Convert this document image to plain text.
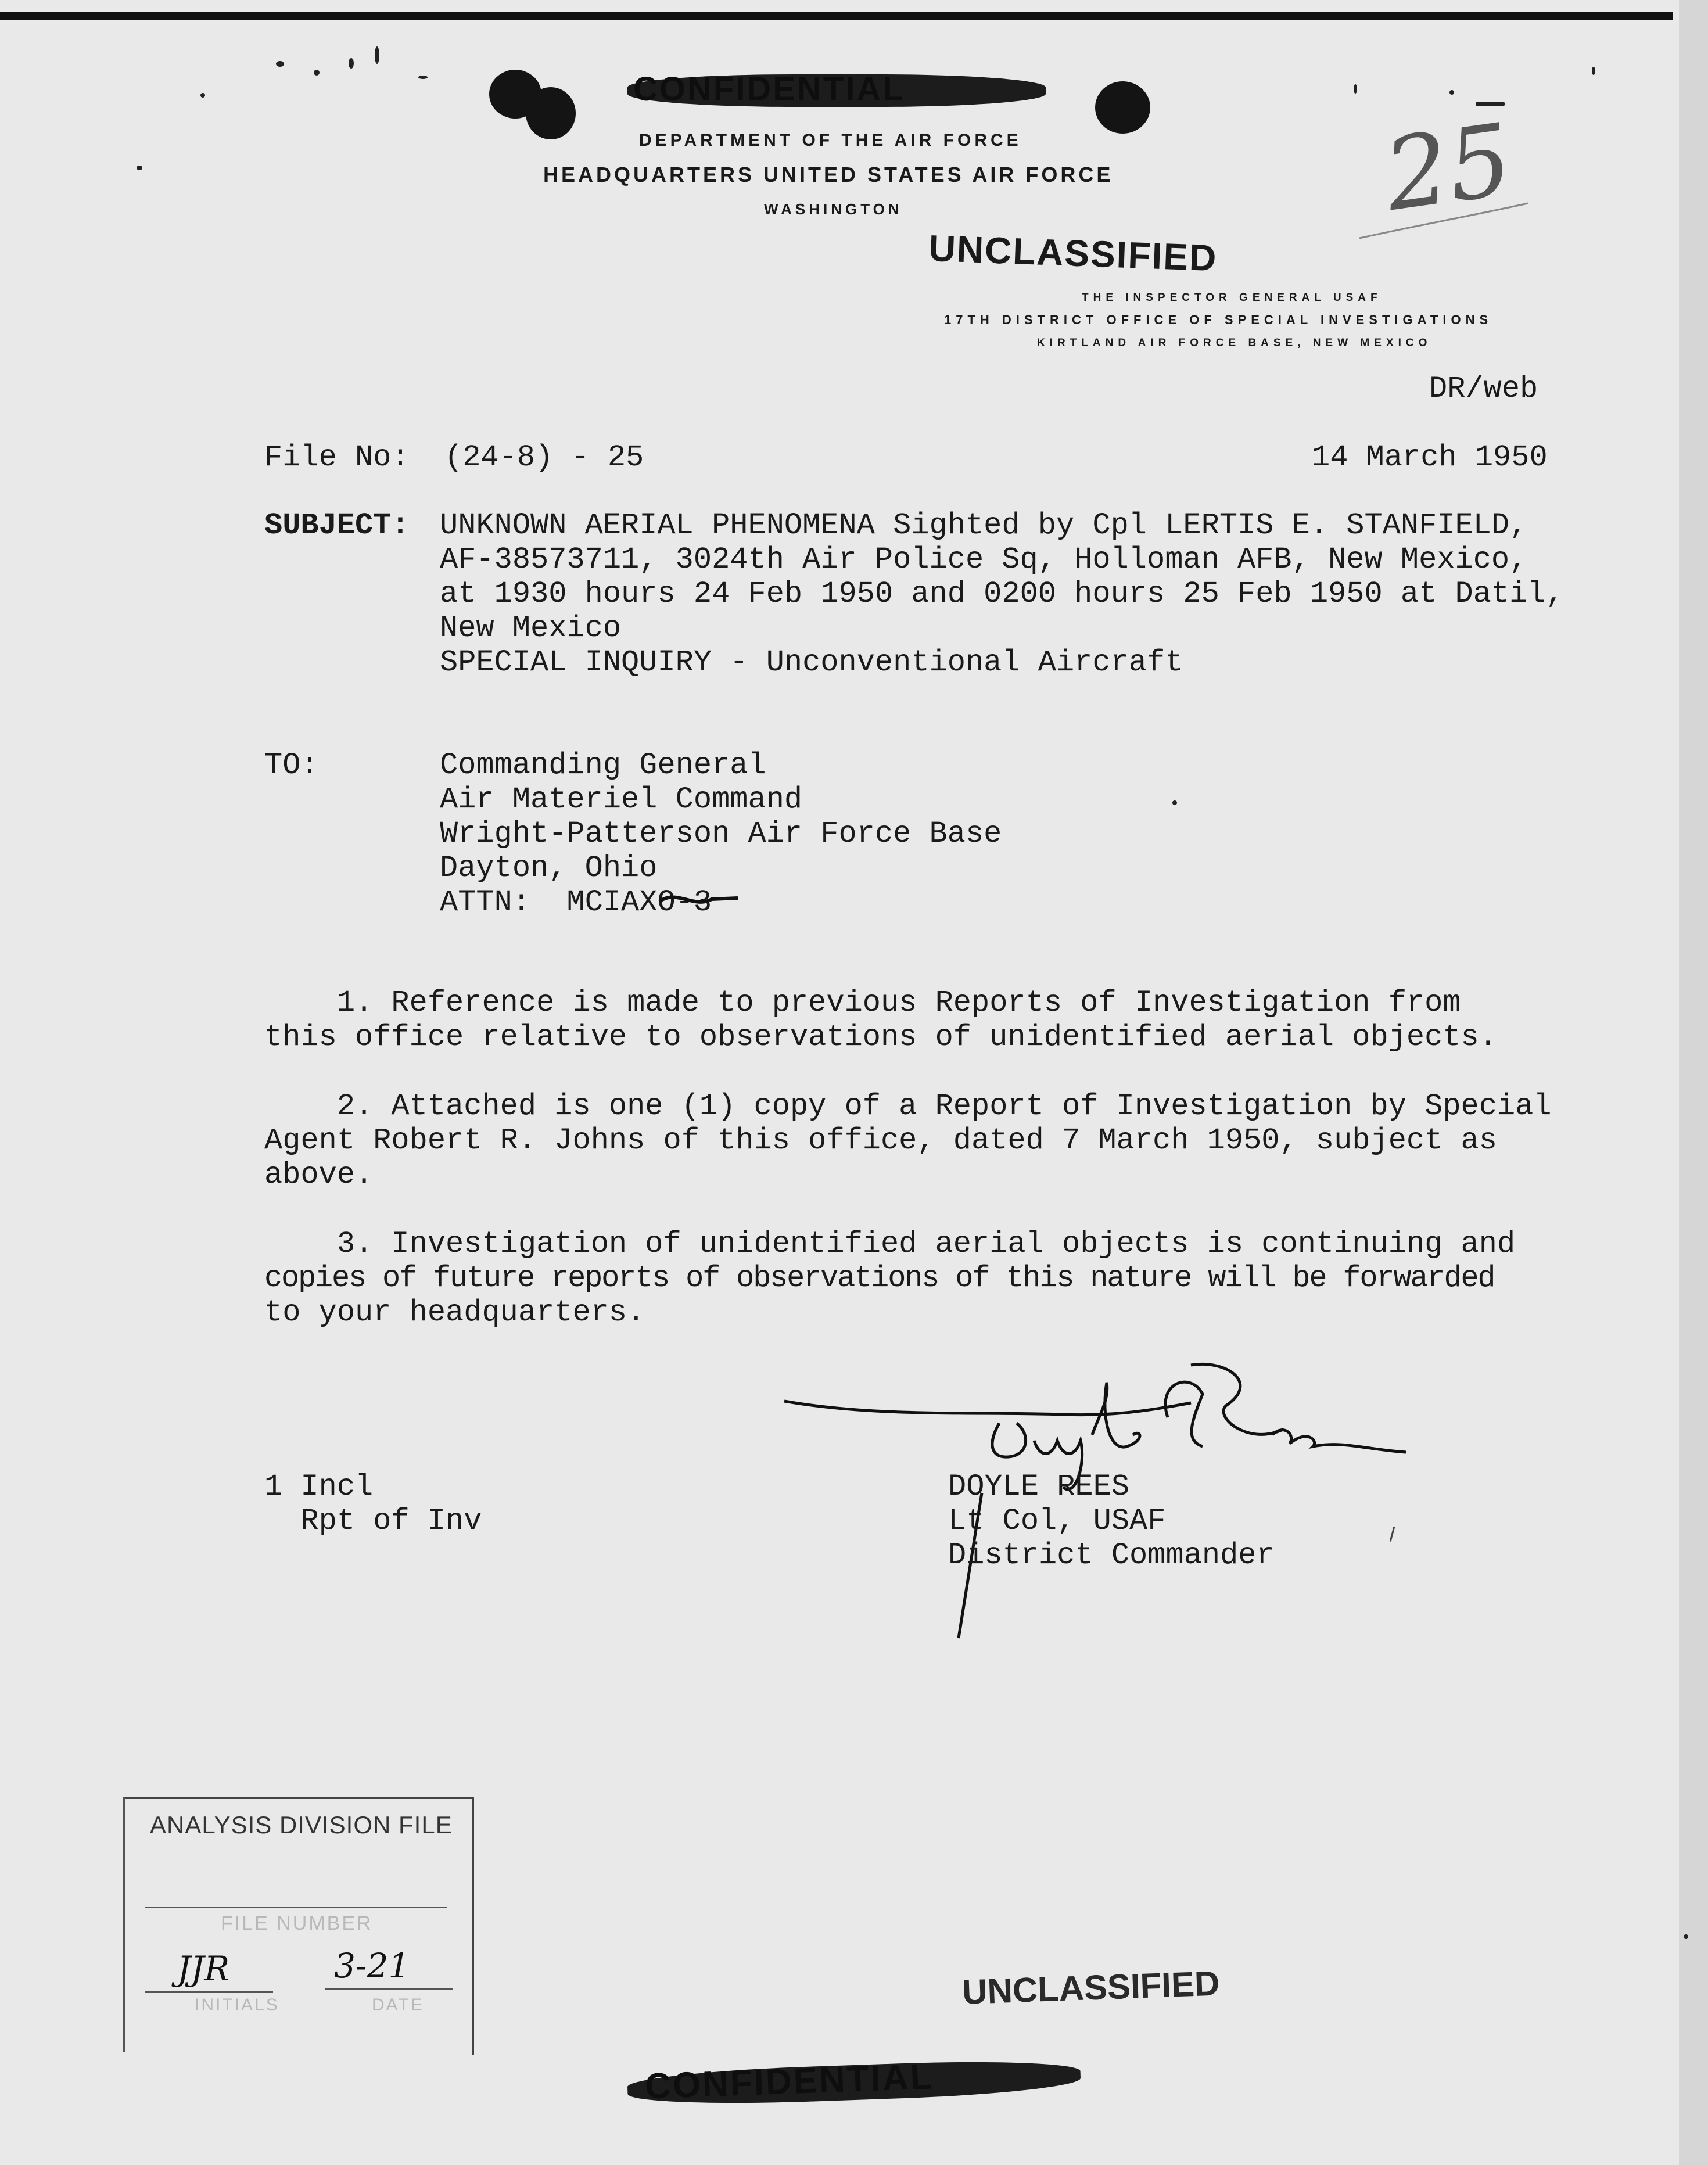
CONFIDENTIAL
DEPARTMENT OF THE AIR FORCE
HEADQUARTERS UNITED STATES AIR FORCE
WASHINGTON
UNCLASSIFIED
THE INSPECTOR GENERAL USAF
17TH DISTRICT OFFICE OF SPECIAL INVESTIGATIONS
KIRTLAND AIR FORCE BASE, NEW MEXICO
25
DR/web
File No: (24-8) - 25	14 March 1950
SUBJECT: UNKNOWN AERIAL PHENOMENA Sighted by Cpl LERTIS E. STANFIELD,
AF-38573711, 3024th Air Police Sq, Holloman AFB, New Mexico,
at 1930 hours 24 Feb 1950 and 0200 hours 25 Feb 1950 at Datil,
New Mexico
SPECIAL INQUIRY - Unconventional Aircraft
TO:	Commanding General
Air Materiel Command
Wright-Patterson Air Force Base
Dayton, Ohio
ATTN:  MCIAXO-3
1. Reference is made to previous Reports of Investigation from
this office relative to observations of unidentified aerial objects.
2. Attached is one (1) copy of a Report of Investigation by Special
Agent Robert R. Johns of this office, dated 7 March 1950, subject as
above.
3. Investigation of unidentified aerial objects is continuing and
copies of future reports of observations of this nature will be forwarded
to your headquarters.
1 Incl
Rpt of Inv
DOYLE REES
Lt Col, USAF
District Commander
ANALYSIS DIVISION FILE
FILE NUMBER
JJR	3-21
INITIALS	DATE	UNCLASSIFIED
CONFIDENTIAL
